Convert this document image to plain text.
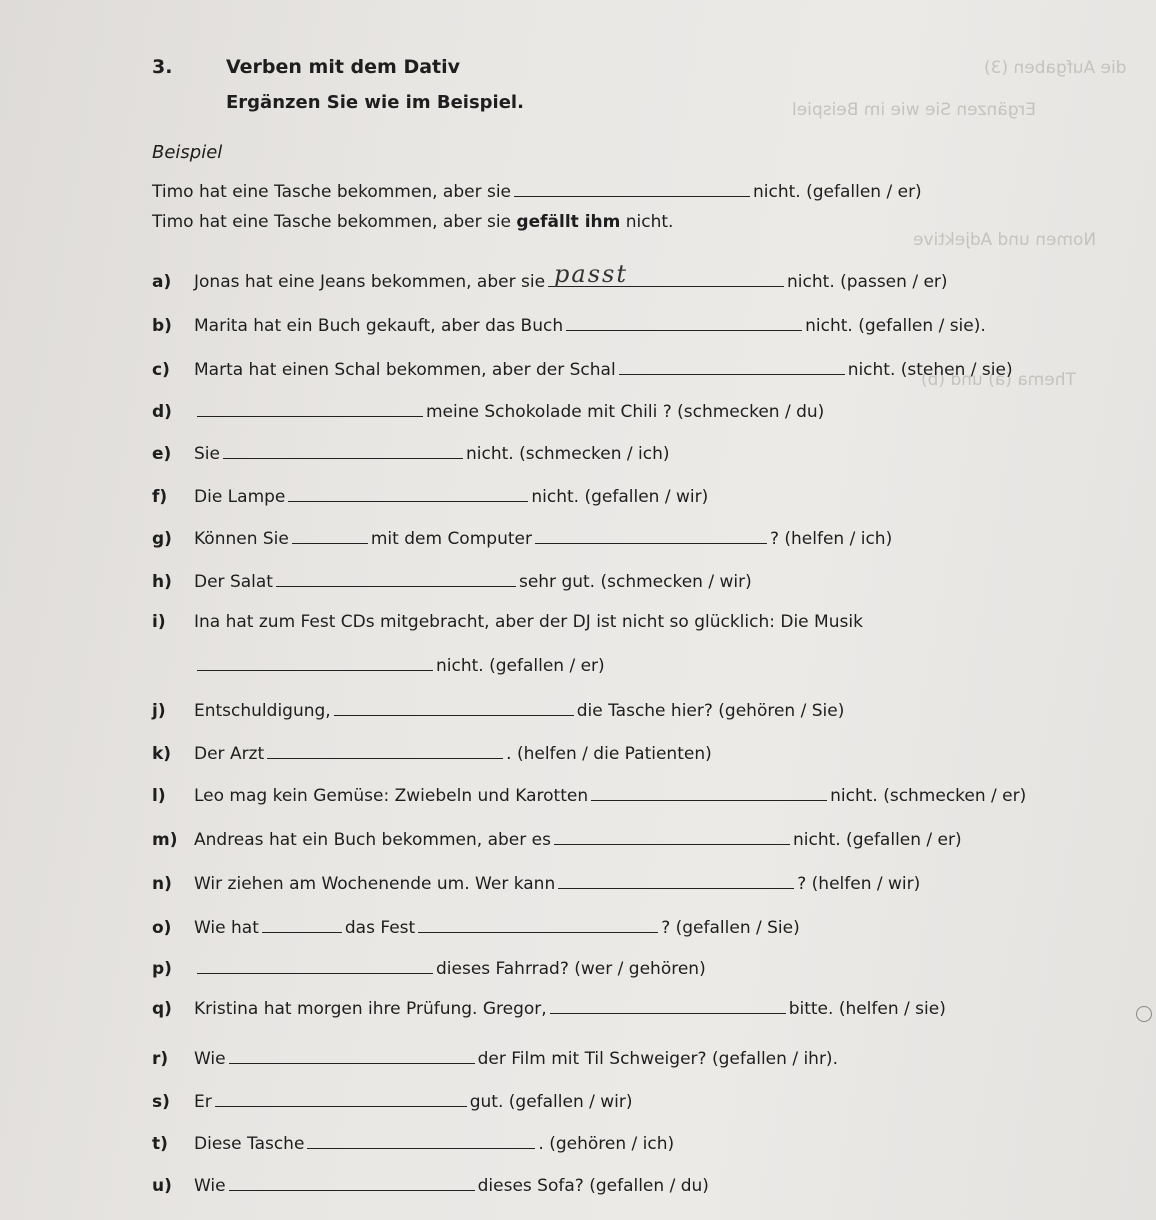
die Aufgaben (3)
Ergänzen Sie wie im Beispiel
Nomen und Adjektive
Thema (a) und (b)
3.	Verben mit dem Dativ
Ergänzen Sie wie im Beispiel.
Beispiel
Timo hat eine Tasche bekommen, aber sie	nicht. (gefallen / er)
Timo hat eine Tasche bekommen, aber sie
gefällt ihm
nicht.
a)	Jonas hat eine Jeans bekommen, aber sie passt	nicht. (passen / er)
b)	Marita hat ein Buch gekauft, aber das Buch	nicht. (gefallen / sie).
c)	Marta hat einen Schal bekommen, aber der Schal	nicht. (stehen / sie)
d)	meine Schokolade mit Chili ? (schmecken / du)
e)	Sie	nicht. (schmecken / ich)
f)	Die Lampe	nicht. (gefallen / wir)
g)	Können Sie	mit dem Computer	? (helfen / ich)
h)	Der Salat	sehr gut. (schmecken / wir)
i)	Ina hat zum Fest CDs mitgebracht, aber der DJ ist nicht so glücklich: Die Musik
nicht. (gefallen / er)
j)	Entschuldigung,	die Tasche hier? (gehören / Sie)
k)	Der Arzt	. (helfen / die Patienten)
l)	Leo mag kein Gemüse: Zwiebeln und Karotten	nicht. (schmecken / er)
m) Andreas hat ein Buch bekommen, aber es	nicht. (gefallen / er)
n)	Wir ziehen am Wochenende um. Wer kann	? (helfen / wir)
o)	Wie hat	das Fest	? (gefallen / Sie)
p)	dieses Fahrrad? (wer / gehören)
q)	Kristina hat morgen ihre Prüfung. Gregor,	bitte. (helfen / sie)
r)	Wie	der Film mit Til Schweiger? (gefallen / ihr).
s)	Er	gut. (gefallen / wir)
t)	Diese Tasche	. (gehören / ich)
u)	Wie	dieses Sofa? (gefallen / du)
